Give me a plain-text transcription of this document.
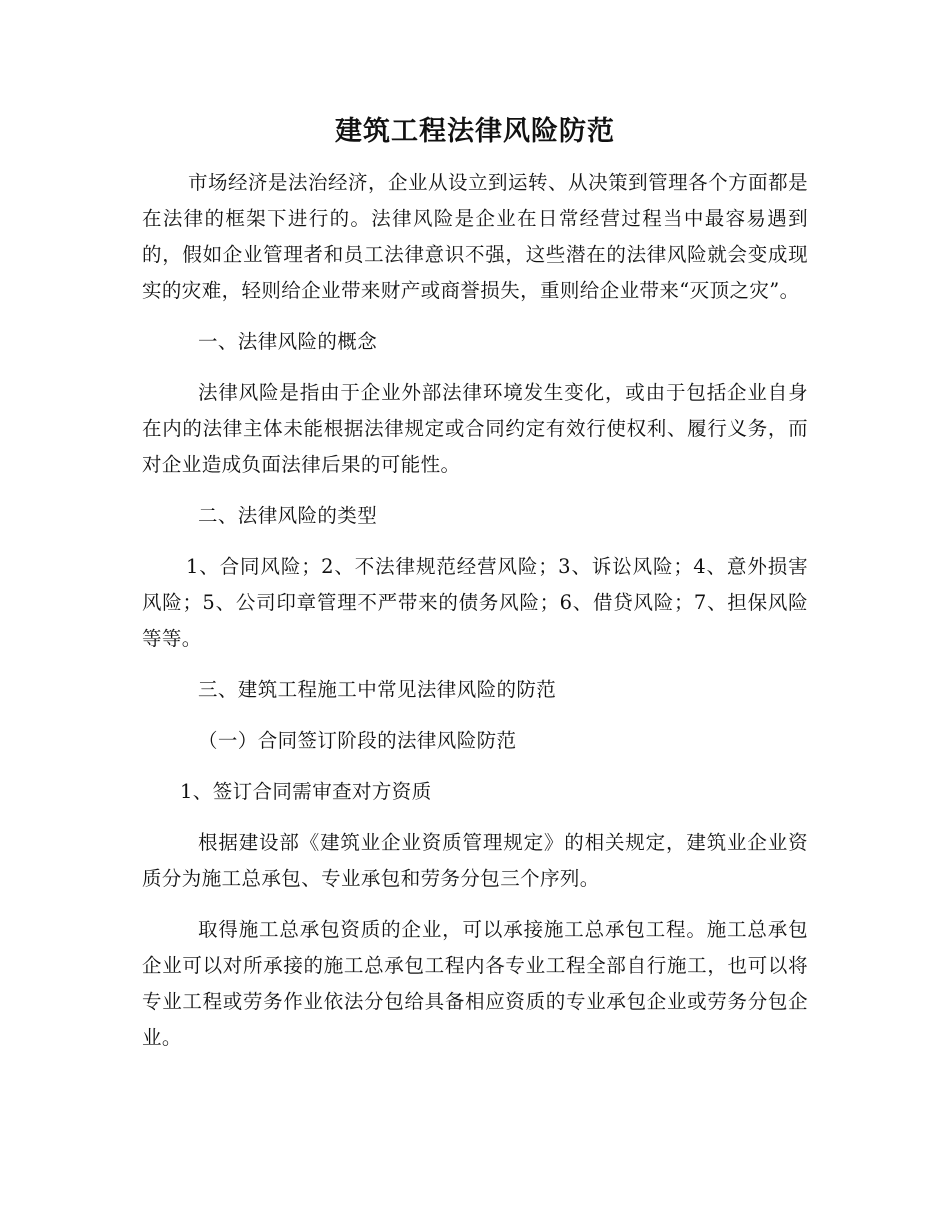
建筑工程法律风险防范

市场经济是法治经济，企业从设立到运转、从决策到管理各个方面都是在法律的框架下进行的。法律风险是企业在日常经营过程当中最容易遇到的，假如企业管理者和员工法律意识不强，这些潜在的法律风险就会变成现实的灾难，轻则给企业带来财产或商誉损失，重则给企业带来“灭顶之灾”。

一、法律风险的概念

法律风险是指由于企业外部法律环境发生变化，或由于包括企业自身在内的法律主体未能根据法律规定或合同约定有效行使权利、履行义务，而对企业造成负面法律后果的可能性。

二、法律风险的类型

1、合同风险；2、不法律规范经营风险；3、诉讼风险；4、意外损害风险；5、公司印章管理不严带来的债务风险；6、借贷风险；7、担保风险等等。

三、建筑工程施工中常见法律风险的防范

（一）合同签订阶段的法律风险防范

1、签订合同需审查对方资质

根据建设部《建筑业企业资质管理规定》的相关规定，建筑业企业资质分为施工总承包、专业承包和劳务分包三个序列。

取得施工总承包资质的企业，可以承接施工总承包工程。施工总承包企业可以对所承接的施工总承包工程内各专业工程全部自行施工，也可以将专业工程或劳务作业依法分包给具备相应资质的专业承包企业或劳务分包企业。
